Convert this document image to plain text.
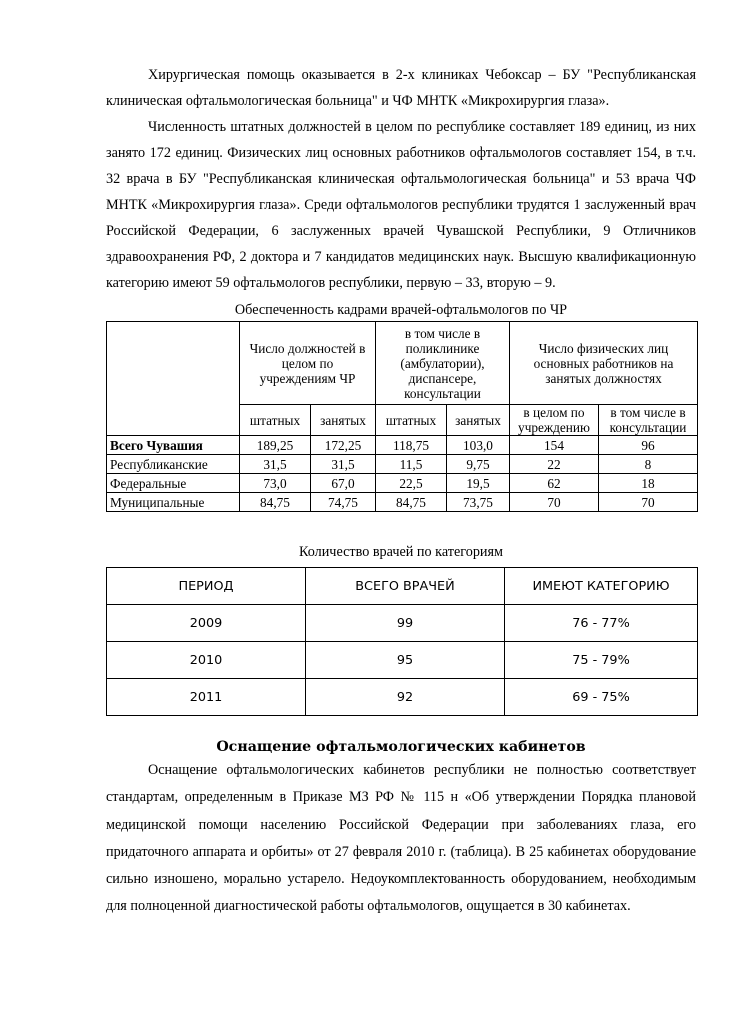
Хирургическая помощь оказывается в 2-х клиниках Чебоксар – БУ "Республиканская клиническая офтальмологическая больница" и ЧФ МНТК «Микрохирургия глаза».

Численность штатных должностей в целом по республике составляет 189 единиц, из них занято 172 единиц. Физических лиц основных работников офтальмологов составляет 154, в т.ч. 32 врача в БУ "Республиканская клиническая офтальмологическая больница" и 53 врача ЧФ МНТК «Микрохирургия глаза». Среди офтальмологов республики трудятся 1 заслуженный врач Российской Федерации, 6 заслуженных врачей Чувашской Республики, 9 Отличников здравоохранения РФ, 2 доктора и 7 кандидатов медицинских наук. Высшую квалификационную категорию имеют 59 офтальмологов республики, первую – 33, вторую – 9.

Обеспеченность кадрами врачей-офтальмологов по ЧР
	Число должностей в целом по учреждениям ЧР		в том числе в поликлинике (амбулатории), диспансере, консультации		Число физических лиц основных работников на занятых должностях	
	штатных	занятых	штатных	занятых	в целом по учреждению	в том числе в консультации
Всего Чувашия	189,25	172,25	118,75	103,0	154	96
Республиканские	31,5	31,5	11,5	9,75	22	8
Федеральные	73,0	67,0	22,5	19,5	62	18
Муниципальные	84,75	74,75	84,75	73,75	70	70
Количество врачей по категориям
ПЕРИОД	ВСЕГО ВРАЧЕЙ	ИМЕЮТ КАТЕГОРИЮ
2009	99	76 - 77%
2010	95	75 - 79%
2011	92	69 - 75%
Оснащение офтальмологических кабинетов

Оснащение офтальмологических кабинетов республики не полностью соответствует стандартам, определенным в Приказе МЗ РФ № 115 н «Об утверждении Порядка плановой медицинской помощи населению Российской Федерации при заболеваниях глаза, его придаточного аппарата и орбиты» от 27 февраля 2010 г. (таблица). В 25 кабинетах оборудование сильно изношено, морально устарело. Недоукомплектованность оборудованием, необходимым для полноценной диагностической работы офтальмологов, ощущается в 30 кабинетах.
